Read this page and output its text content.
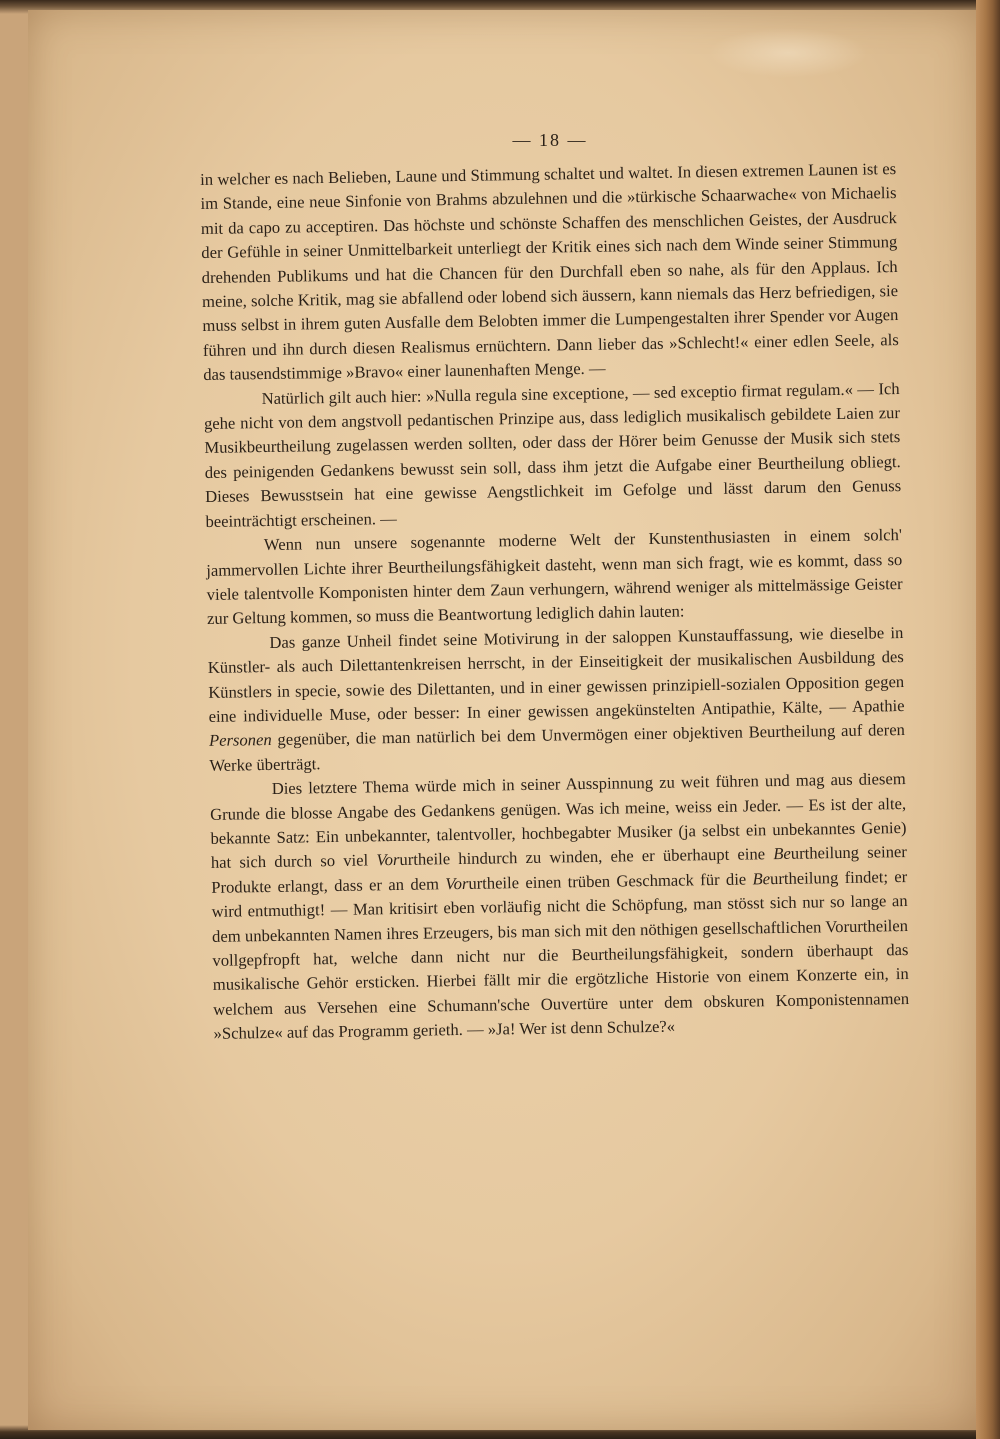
— 18 —

in welcher es nach Belieben, Laune und Stimmung schaltet und waltet. In diesen extremen Launen ist es im Stande, eine neue Sinfonie von Brahms abzulehnen und die »türkische Schaarwache« von Michaelis mit da capo zu acceptiren. Das höchste und schönste Schaffen des menschlichen Geistes, der Ausdruck der Gefühle in seiner Unmittelbarkeit unterliegt der Kritik eines sich nach dem Winde seiner Stimmung drehenden Publikums und hat die Chancen für den Durchfall eben so nahe, als für den Applaus. Ich meine, solche Kritik, mag sie abfallend oder lobend sich äussern, kann niemals das Herz befriedigen, sie muss selbst in ihrem guten Ausfalle dem Belobten immer die Lumpengestalten ihrer Spender vor Augen führen und ihn durch diesen Realismus ernüchtern. Dann lieber das »Schlecht!« einer edlen Seele, als das tausendstimmige »Bravo« einer launenhaften Menge. —

Natürlich gilt auch hier: »Nulla regula sine exceptione, — sed exceptio firmat regulam.« — Ich gehe nicht von dem angstvoll pedantischen Prinzipe aus, dass lediglich musikalisch gebildete Laien zur Musikbeurtheilung zugelassen werden sollten, oder dass der Hörer beim Genusse der Musik sich stets des peinigenden Gedankens bewusst sein soll, dass ihm jetzt die Aufgabe einer Beurtheilung obliegt. Dieses Bewusstsein hat eine gewisse Aengstlichkeit im Gefolge und lässt darum den Genuss beeinträchtigt erscheinen. —

Wenn nun unsere sogenannte moderne Welt der Kunstenthusiasten in einem solch' jammervollen Lichte ihrer Beurtheilungsfähigkeit dasteht, wenn man sich fragt, wie es kommt, dass so viele talentvolle Komponisten hinter dem Zaun verhungern, während weniger als mittelmässige Geister zur Geltung kommen, so muss die Beantwortung lediglich dahin lauten:

Das ganze Unheil findet seine Motivirung in der saloppen Kunstauffassung, wie dieselbe in Künstler- als auch Dilettantenkreisen herrscht, in der Einseitigkeit der musikalischen Ausbildung des Künstlers in specie, sowie des Dilettanten, und in einer gewissen prinzipiell-sozialen Opposition gegen eine individuelle Muse, oder besser: In einer gewissen angekünstelten Antipathie, Kälte, — Apathie Personen gegenüber, die man natürlich bei dem Unvermögen einer objektiven Beurtheilung auf deren Werke überträgt.

Dies letztere Thema würde mich in seiner Ausspinnung zu weit führen und mag aus diesem Grunde die blosse Angabe des Gedankens genügen. Was ich meine, weiss ein Jeder. — Es ist der alte, bekannte Satz: Ein unbekannter, talentvoller, hochbegabter Musiker (ja selbst ein unbekanntes Genie) hat sich durch so viel Vorurtheile hindurch zu winden, ehe er überhaupt eine Beurtheilung seiner Produkte erlangt, dass er an dem Vorurtheile einen trüben Geschmack für die Beurtheilung findet; er wird entmuthigt! — Man kritisirt eben vorläufig nicht die Schöpfung, man stösst sich nur so lange an dem unbekannten Namen ihres Erzeugers, bis man sich mit den nöthigen gesellschaftlichen Vorurtheilen vollgepfropft hat, welche dann nicht nur die Beurtheilungsfähigkeit, sondern überhaupt das musikalische Gehör ersticken. Hierbei fällt mir die ergötzliche Historie von einem Konzerte ein, in welchem aus Versehen eine Schumann'sche Ouvertüre unter dem obskuren Komponistennamen »Schulze« auf das Programm gerieth. — »Ja! Wer ist denn Schulze?«
